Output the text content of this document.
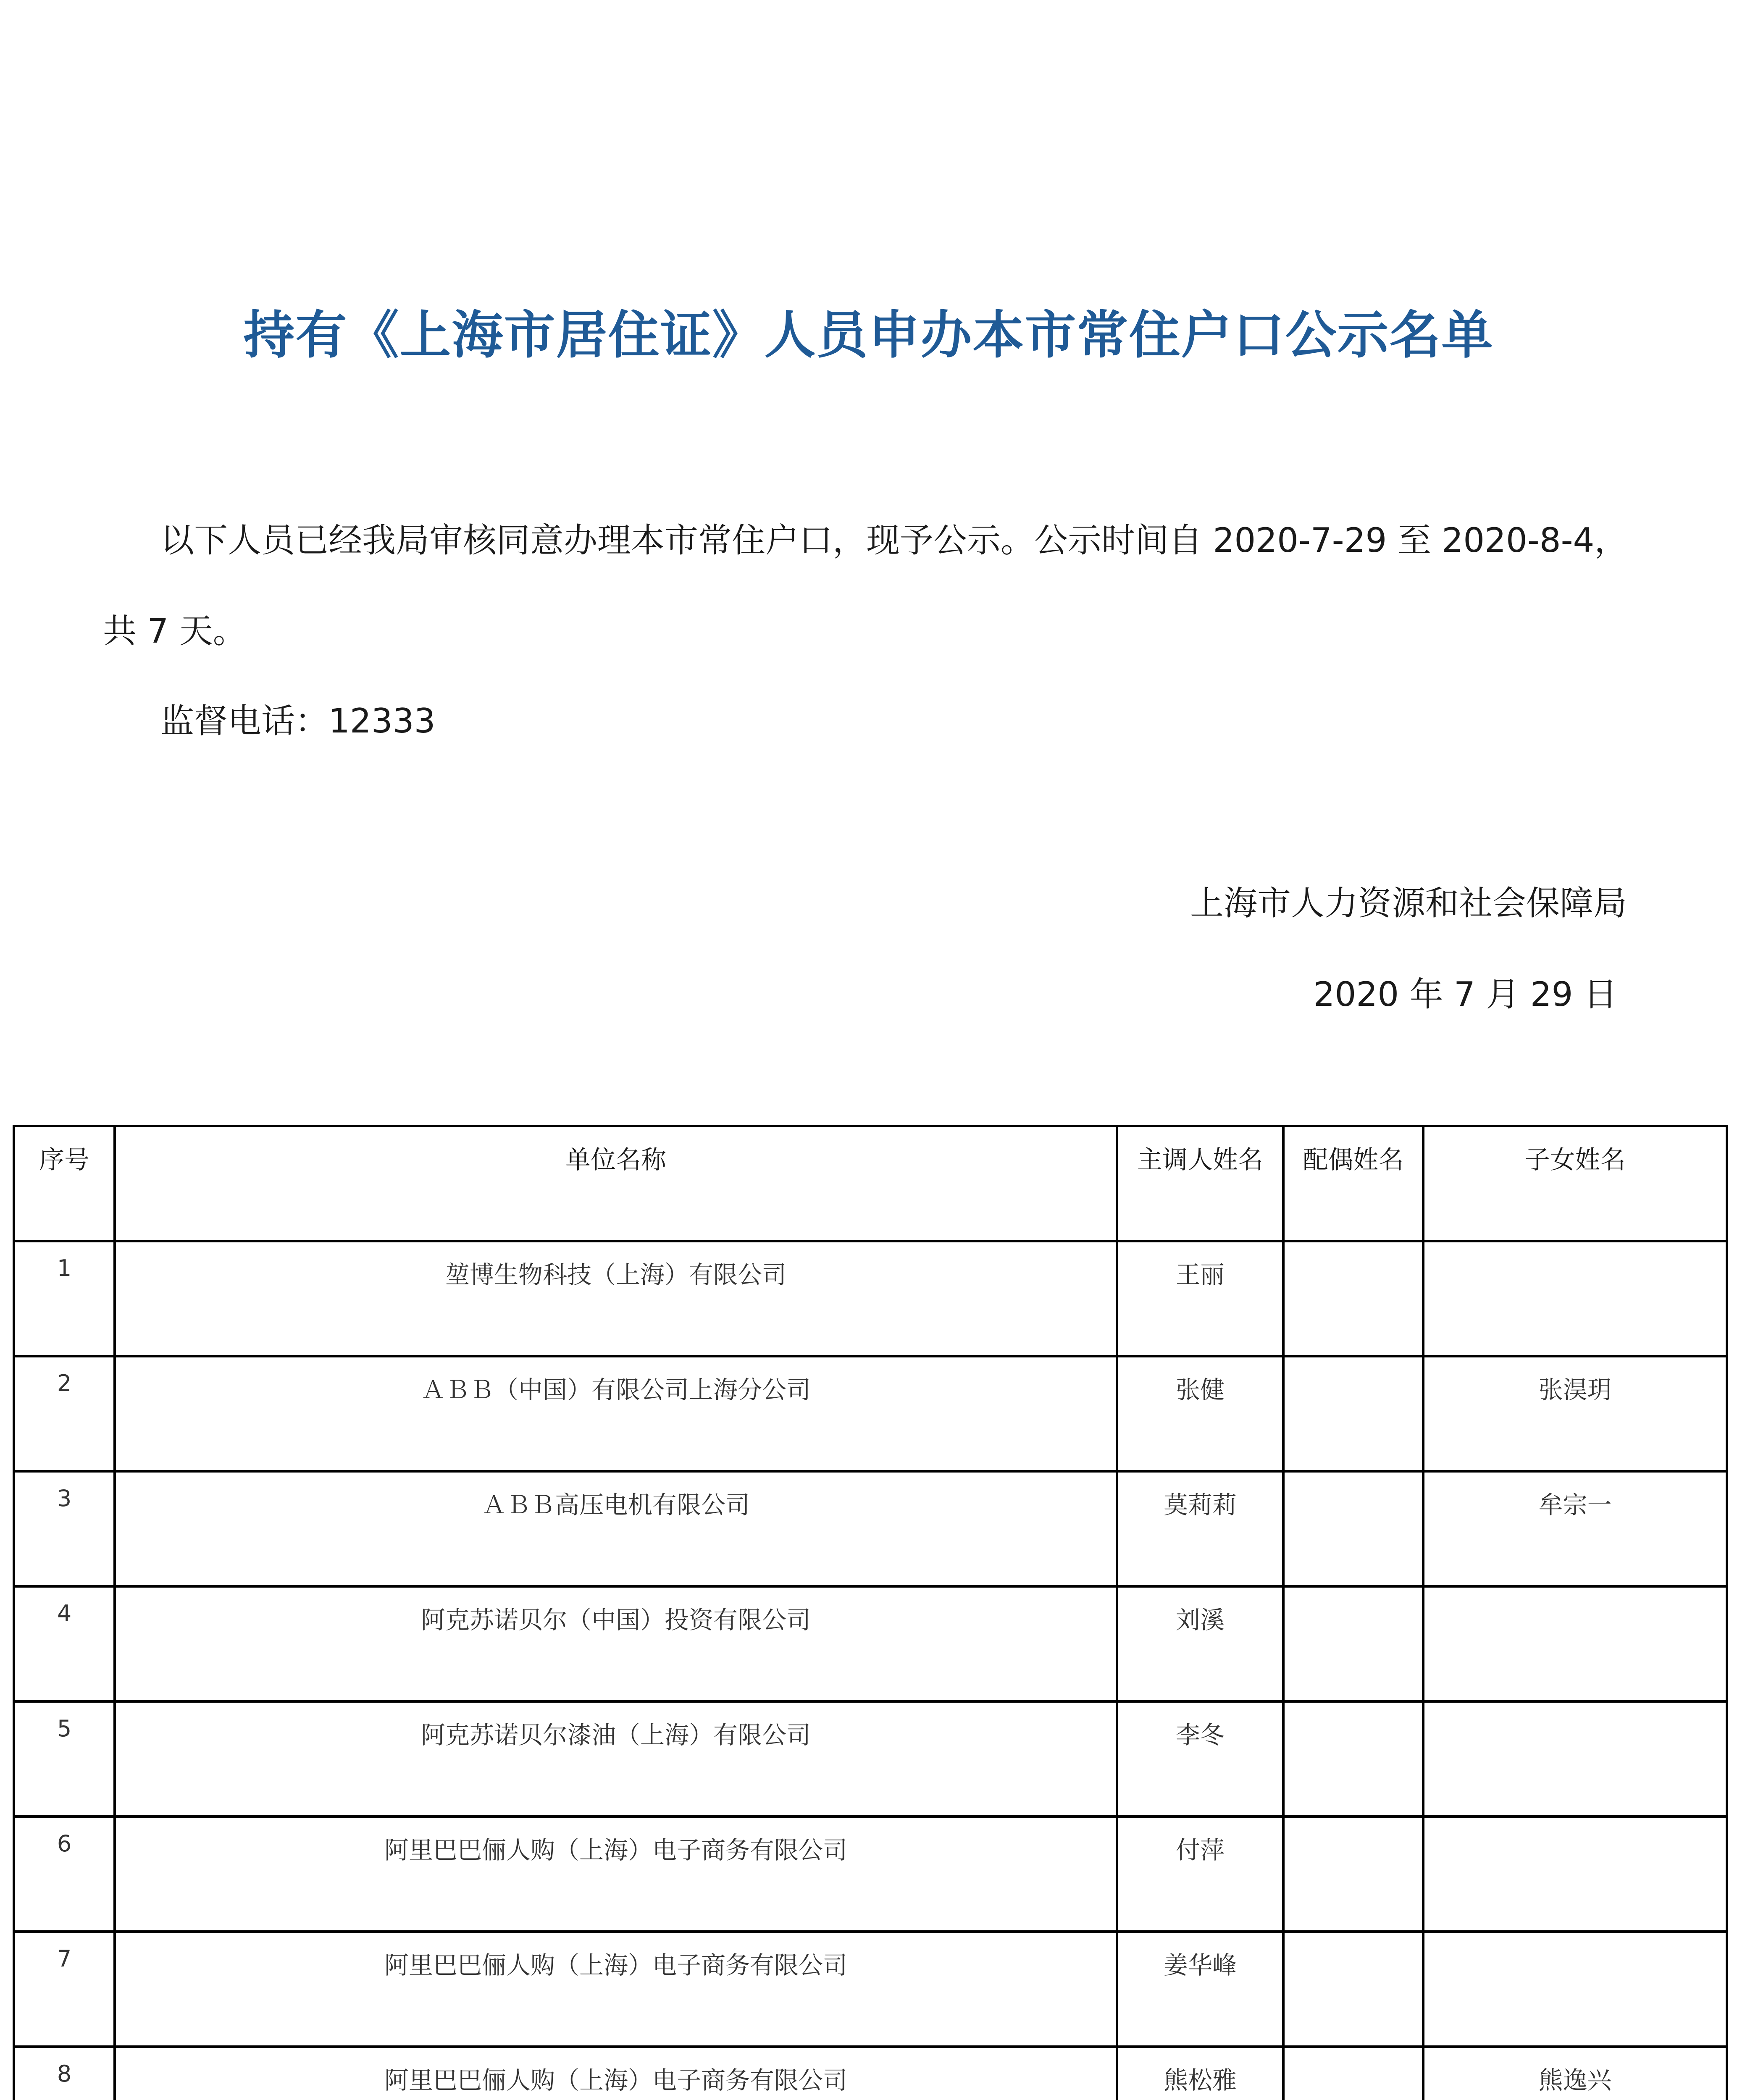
持有《上海市居住证》人员申办本市常住户口公示名单
以下人员已经我局审核同意办理本市常住户口，现予公示。公示时间自 2020-7-29 至 2020-8-4，
共 7 天。
监督电话：12333
上海市人力资源和社会保障局
2020 年 7 月 29 日
序号	单位名称	主调人姓名	配偶姓名	子女姓名
1	堃博生物科技（上海）有限公司	王丽		
2	ＡＢＢ（中国）有限公司上海分公司	张健		张淏玥
3	ＡＢＢ高压电机有限公司	莫莉莉		牟宗一
4	阿克苏诺贝尔（中国）投资有限公司	刘溪		
5	阿克苏诺贝尔漆油（上海）有限公司	李冬		
6	阿里巴巴俪人购（上海）电子商务有限公司	付萍		
7	阿里巴巴俪人购（上海）电子商务有限公司	姜华峰		
8	阿里巴巴俪人购（上海）电子商务有限公司	熊松雅		熊逸兴
